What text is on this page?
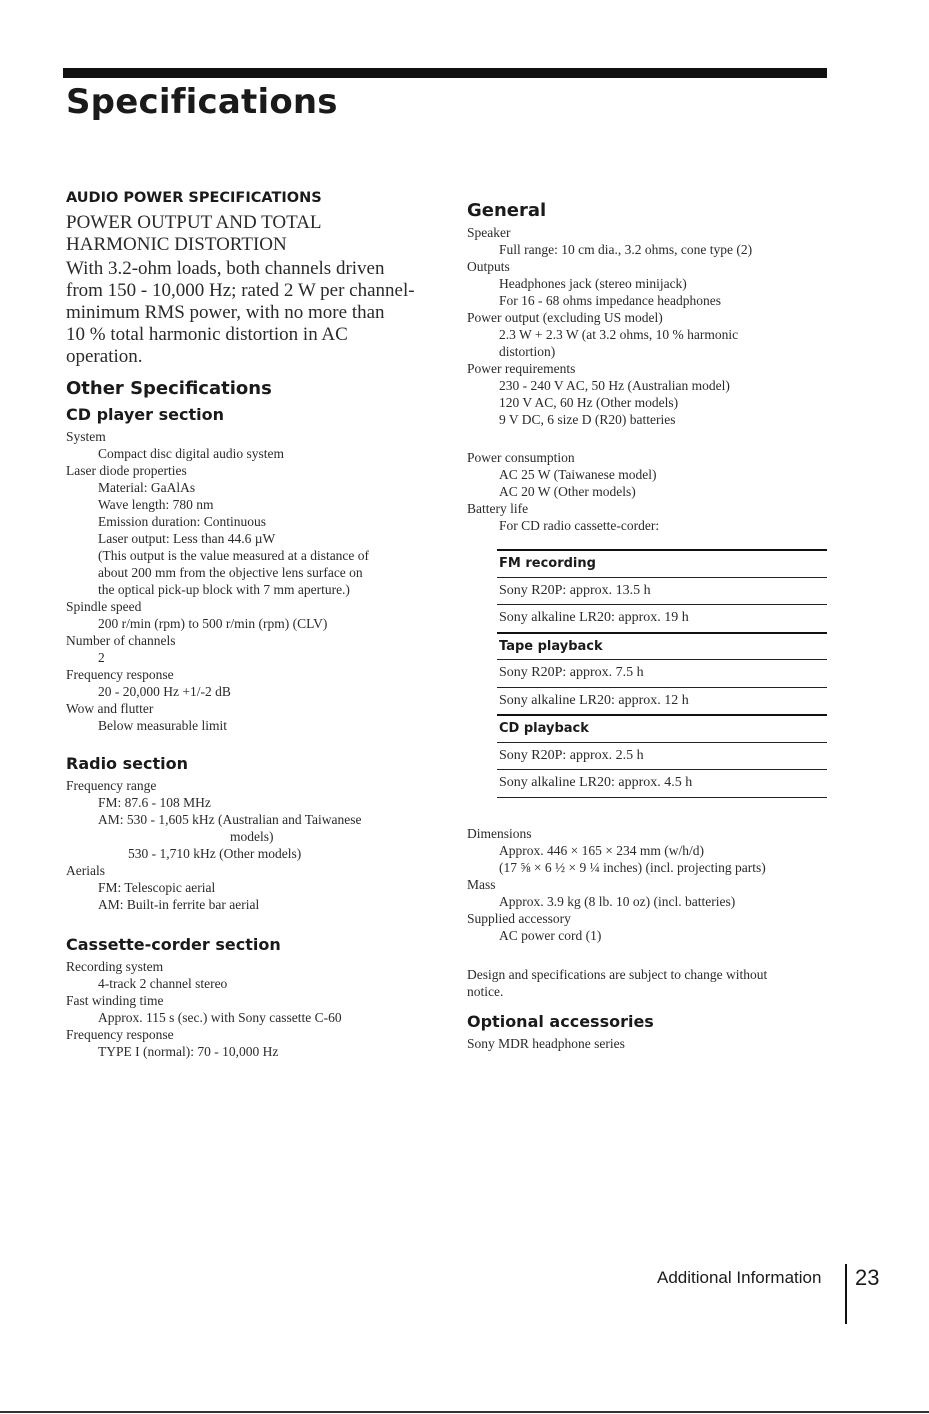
Specifications
AUDIO POWER SPECIFICATIONS
POWER OUTPUT AND TOTAL
HARMONIC DISTORTION
With 3.2-ohm loads, both channels driven
from 150 - 10,000 Hz; rated 2 W per channel-
minimum RMS power, with no more than
10 % total harmonic distortion in AC
operation.
Other Specifications
CD player section
System
Compact disc digital audio system
Laser diode properties
Material: GaAlAs
Wave length: 780 nm
Emission duration: Continuous
Laser output: Less than 44.6 µW
(This output is the value measured at a distance of
about 200 mm from the objective lens surface on
the optical pick-up block with 7 mm aperture.)
Spindle speed
200 r/min (rpm) to 500 r/min (rpm) (CLV)
Number of channels
2
Frequency response
20 - 20,000 Hz +1/-2 dB
Wow and flutter
Below measurable limit
Radio section
Frequency range
FM: 87.6 - 108 MHz
AM: 530 - 1,605 kHz (Australian and Taiwanese
models)
530 - 1,710 kHz (Other models)
Aerials
FM: Telescopic aerial
AM: Built-in ferrite bar aerial
Cassette-corder section
Recording system
4-track 2 channel stereo
Fast winding time
Approx. 115 s (sec.) with Sony cassette C-60
Frequency response
TYPE I (normal): 70 - 10,000 Hz
General
Speaker
Full range: 10 cm dia., 3.2 ohms, cone type (2)
Outputs
Headphones jack (stereo minijack)
For 16 - 68 ohms impedance headphones
Power output (excluding US model)
2.3 W + 2.3 W (at 3.2 ohms, 10 % harmonic
distortion)
Power requirements
230 - 240 V AC, 50 Hz (Australian model)
120 V AC, 60 Hz (Other models)
9 V DC, 6 size D (R20) batteries
Power consumption
AC 25 W (Taiwanese model)
AC 20 W (Other models)
Battery life
For CD radio cassette-corder:
FM recording
Sony R20P: approx. 13.5 h
Sony alkaline LR20: approx. 19 h
Tape playback
Sony R20P: approx. 7.5 h
Sony alkaline LR20: approx. 12 h
CD playback
Sony R20P: approx. 2.5 h
Sony alkaline LR20: approx. 4.5 h
Dimensions
Approx. 446 × 165 × 234 mm (w/h/d)
(17 ⅝ × 6 ½ × 9 ¼ inches) (incl. projecting parts)
Mass
Approx. 3.9 kg (8 lb. 10 oz) (incl. batteries)
Supplied accessory
AC power cord (1)
Design and specifications are subject to change without
notice.
Optional accessories
Sony MDR headphone series
Additional Information 23
